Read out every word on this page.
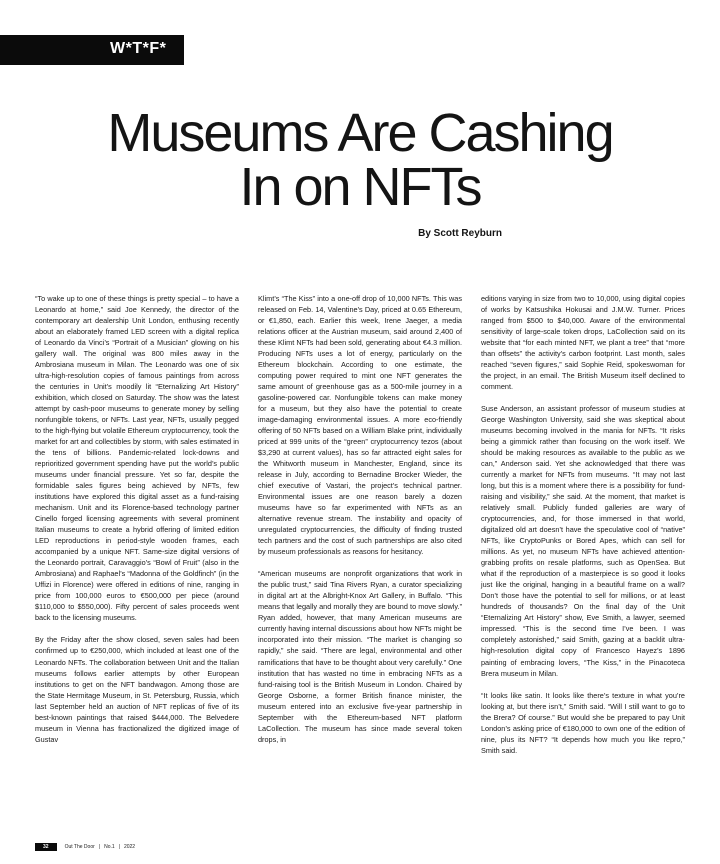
W*T*F*
Museums Are Cashing
In on NFTs
By Scott Reyburn

“To wake up to one of these things is pretty special – to have a Leonardo at home,” said Joe Kennedy, the director of the contemporary art dealership Unit London, enthusing recently about an elaborately framed LED screen with a digital replica of Leonardo da Vinci’s “Portrait of a Musician” glowing on his gallery wall. The original was 800 miles away in the Ambrosiana museum in Milan. The Leonardo was one of six ultra-high-resolution copies of famous paintings from across the centuries in Unit’s moodily lit “Eternalizing Art History” exhibition, which closed on Saturday. The show was the latest attempt by cash-poor museums to generate money by selling nonfungible tokens, or NFTs. Last year, NFTs, usually pegged to the high-flying but volatile Ethereum cryptocurrency, took the market for art and collectibles by storm, with sales estimated in the tens of billions. Pandemic-related lock-downs and reprioritized government spending have put the world’s public museums under financial pressure. Yet so far, despite the formidable sales figures being achieved by NFTs, few institutions have explored this digital asset as a fund-raising mechanism. Unit and its Florence-based technology partner Cinello forged licensing agreements with several prominent Italian museums to create a hybrid offering of limited edition LED reproductions in period-style wooden frames, each accompanied by a unique NFT. Same-size digital versions of the Leonardo portrait, Caravaggio’s “Bowl of Fruit” (also in the Ambrosiana) and Raphael’s “Madonna of the Goldfinch” (in the Uffizi in Florence) were offered in editions of nine, ranging in price from 100,000 euros to €500,000 per piece (around $110,000 to $550,000). Fifty percent of sales proceeds went back to the licensing museums.

By the Friday after the show closed, seven sales had been confirmed up to €250,000, which included at least one of the Leonardo NFTs. The collaboration between Unit and the Italian museums follows earlier attempts by other European institutions to get on the NFT bandwagon. Among those are the State Hermitage Museum, in St. Petersburg, Russia, which last September held an auction of NFT replicas of five of its best-known paintings that raised $444,000. The Belvedere museum in Vienna has fractionalized the digitized image of Gustav

Klimt’s “The Kiss” into a one-off drop of 10,000 NFTs. This was released on Feb. 14, Valentine’s Day, priced at 0.65 Ethereum, or €1,850, each. Earlier this week, Irene Jaeger, a media relations officer at the Austrian museum, said around 2,400 of these Klimt NFTs had been sold, generating about €4.3 million. Producing NFTs uses a lot of energy, particularly on the Ethereum blockchain. According to one estimate, the computing power required to mint one NFT generates the same amount of greenhouse gas as a 500-mile journey in a gasoline-powered car. Nonfungible tokens can make money for a museum, but they also have the potential to create image-damaging environmental issues. A more eco-friendly offering of 50 NFTs based on a William Blake print, individually priced at 999 units of the “green” cryptocurrency tezos (about $3,290 at current values), has so far attracted eight sales for the Whitworth museum in Manchester, England, since its release in July, according to Bernadine Brocker Wieder, the chief executive of Vastari, the project’s technical partner. Environmental issues are one reason barely a dozen museums have so far experimented with NFTs as an alternative revenue stream. The instability and opacity of unregulated cryptocurrencies, the difficulty of finding trusted tech partners and the cost of such partnerships are also cited by museum professionals as reasons for hesitancy.

“American museums are nonprofit organizations that work in the public trust,” said Tina Rivers Ryan, a curator specializing in digital art at the Albright-Knox Art Gallery, in Buffalo. “This means that legally and morally they are bound to move slowly.” Ryan added, however, that many American museums are currently having internal discussions about how NFTs might be incorporated into their mission. “The market is changing so rapidly,” she said. “There are legal, environmental and other ramifications that have to be thought about very carefully.” One institution that has wasted no time in embracing NFTs as a fund-raising tool is the British Museum in London. Chaired by George Osborne, a former British finance minister, the museum entered into an exclusive five-year partnership in September with the Ethereum-based NFT platform LaCollection. The museum has since made several token drops, in

editions varying in size from two to 10,000, using digital copies of works by Katsushika Hokusai and J.M.W. Turner. Prices ranged from $500 to $40,000. Aware of the environmental sensitivity of large-scale token drops, LaCollection said on its website that “for each minted NFT, we plant a tree” that “more than offsets” the activity’s carbon footprint. Last month, sales reached “seven figures,” said Sophie Reid, spokeswoman for the project, in an email. The British Museum itself declined to comment.

Suse Anderson, an assistant professor of museum studies at George Washington University, said she was skeptical about museums becoming involved in the mania for NFTs. “It risks being a gimmick rather than focusing on the work itself. We should be making resources as available to the public as we can,” Anderson said. Yet she acknowledged that there was currently a market for NFTs from museums. “It may not last long, but this is a moment where there is a possibility for fund-raising and visibility,” she said. At the moment, that market is relatively small. Publicly funded galleries are wary of cryptocurrencies, and, for those immersed in that world, digitalized old art doesn’t have the speculative cool of “native” NFTs, like CryptoPunks or Bored Apes, which can sell for millions. As yet, no museum NFTs have achieved attention-grabbing profits on resale platforms, such as OpenSea. But what if the reproduction of a masterpiece is so good it looks just like the original, hanging in a beautiful frame on a wall? Don’t those have the potential to sell for millions, or at least hundreds of thousands? On the final day of the Unit “Eternalizing Art History” show, Eve Smith, a lawyer, seemed impressed. “This is the second time I’ve been. I was completely astonished,” said Smith, gazing at a backlit ultra-high-resolution digital copy of Francesco Hayez’s 1896 painting of embracing lovers, “The Kiss,” in the Pinacoteca Brera museum in Milan.

“It looks like satin. It looks like there’s texture in what you’re looking at, but there isn’t,” Smith said. “Will I still want to go to the Brera? Of course.” But would she be prepared to pay Unit London’s asking price of €180,000 to own one of the edition of nine, plus its NFT? “It depends how much you like repro,” Smith said.

32	Out The Door | No.1 | 2022
